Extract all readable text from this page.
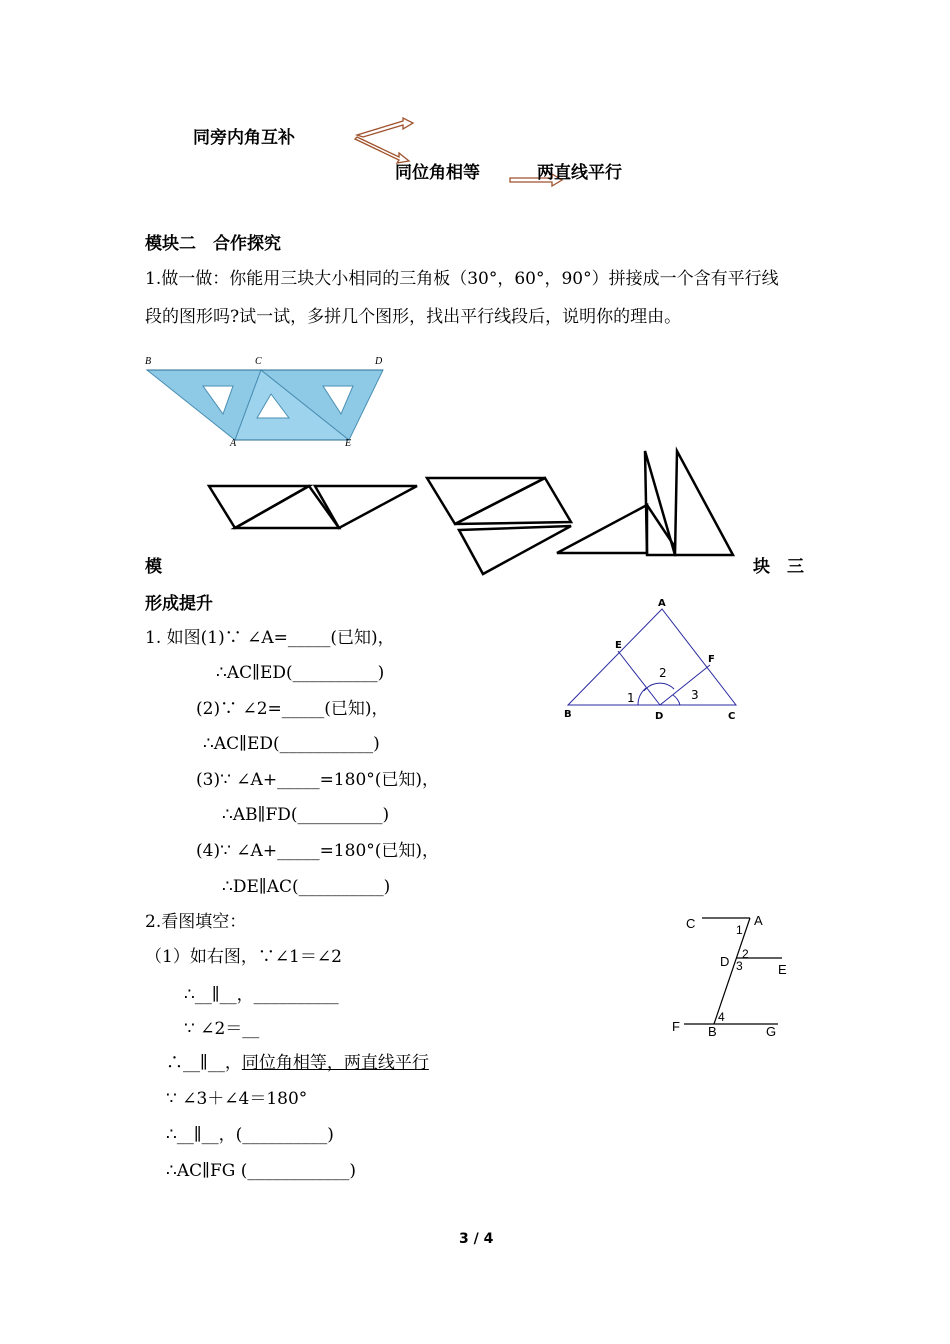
同旁内角互补
同位角相等	两直线平行
模块二　合作探究
1.做一做：你能用三块大小相同的三角板（30°，60°，90°）拼接成一个含有平行线
段的图形吗?试一试，多拼几个图形，找出平行线段后，说明你的理由。
B	C	D
A	E
模	块　三
形成提升
1. 如图(1)∵ ∠A=_____(已知)，
∴AC∥ED(__________)
(2)∵ ∠2=_____(已知)，
∴AC∥ED(___________)
(3)∵ ∠A+_____=180°(已知)，
∴AB∥FD(__________)
(4)∵ ∠A+_____=180°(已知)，
∴DE∥AC(__________)
A
B	C
D
E
F
1
2
3
2.看图填空：
（1）如右图，∵∠1＝∠2
∴__∥__，__________
∵ ∠2＝__
∴__∥__，同位角相等，两直线平行
∵ ∠3＋∠4＝180°
∴__∥__，(__________)
∴AC∥FG (____________)
C	A
D
E
F B	G
1
2
3
4
3 / 4
